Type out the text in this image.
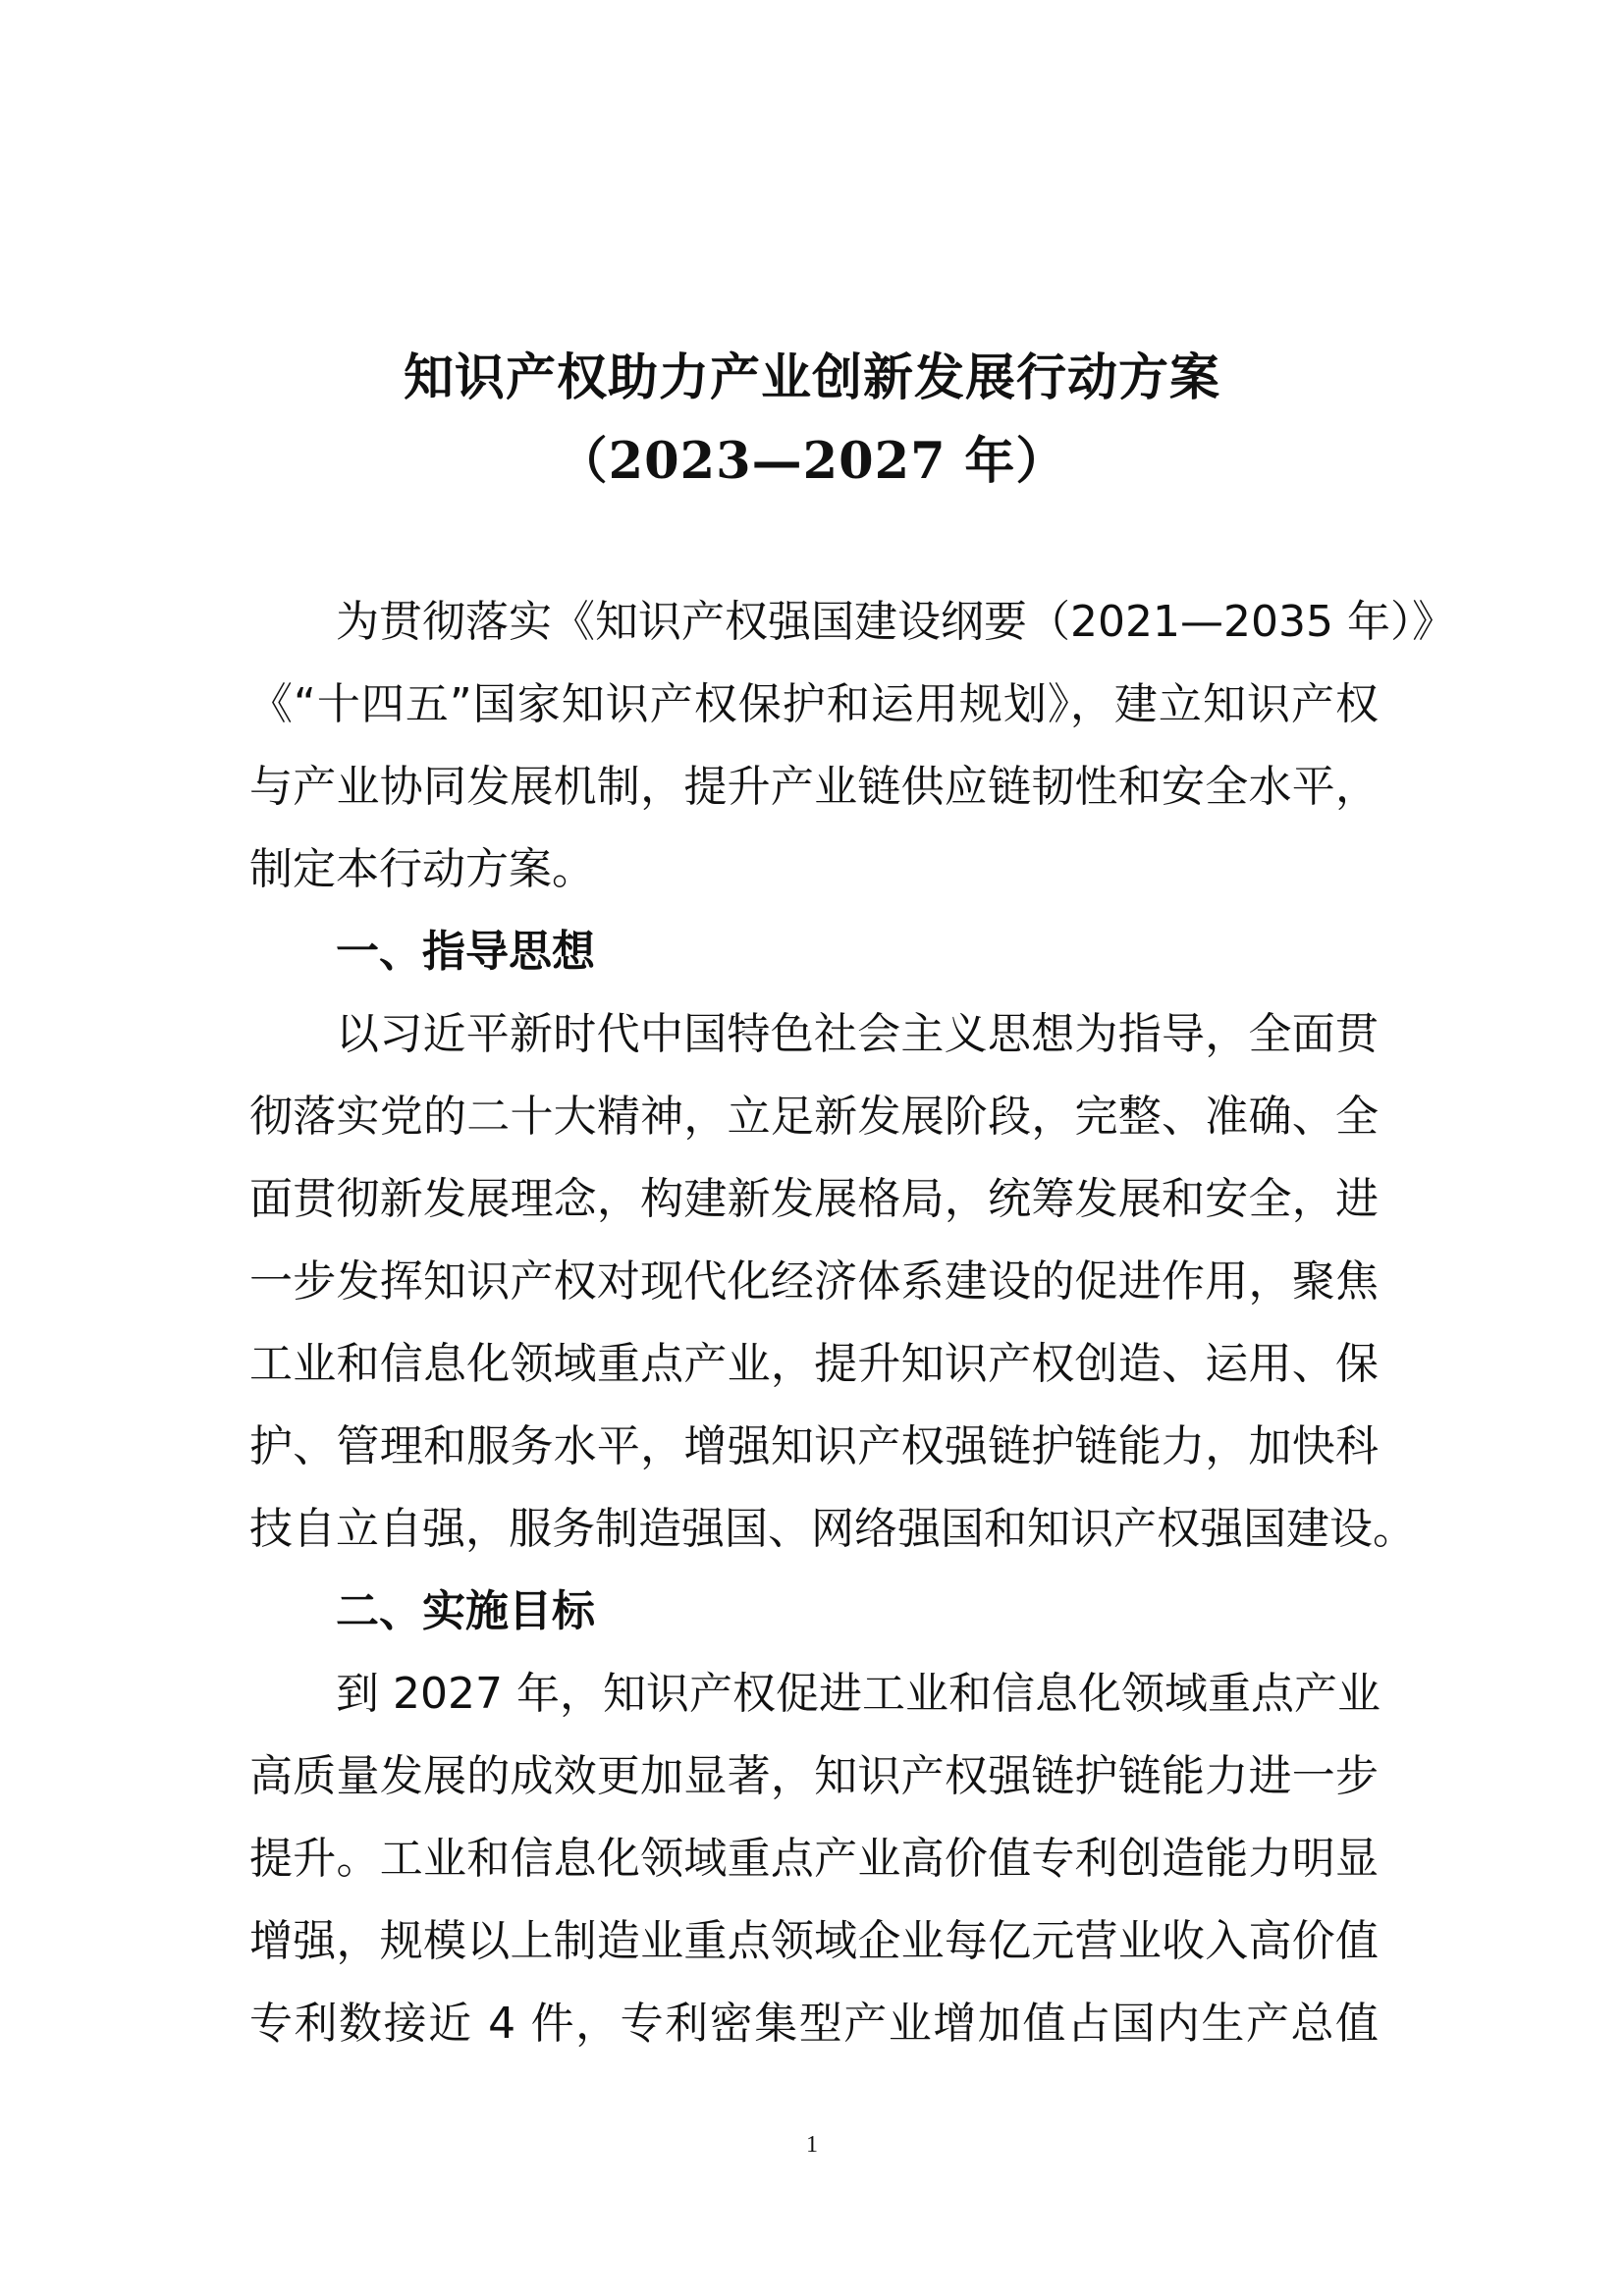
知识产权助力产业创新发展行动方案
（2023—2027 年）
为贯彻落实《知识产权强国建设纲要（2021—2035 年）》
《“十四五”国家知识产权保护和运用规划》，建立知识产权
与产业协同发展机制，提升产业链供应链韧性和安全水平，
制定本行动方案。
一、指导思想
以习近平新时代中国特色社会主义思想为指导，全面贯
彻落实党的二十大精神，立足新发展阶段，完整、准确、全
面贯彻新发展理念，构建新发展格局，统筹发展和安全，进
一步发挥知识产权对现代化经济体系建设的促进作用，聚焦
工业和信息化领域重点产业，提升知识产权创造、运用、保
护、管理和服务水平，增强知识产权强链护链能力，加快科
技自立自强，服务制造强国、网络强国和知识产权强国建设。
二、实施目标
到 2027 年，知识产权促进工业和信息化领域重点产业
高质量发展的成效更加显著，知识产权强链护链能力进一步
提升。工业和信息化领域重点产业高价值专利创造能力明显
增强，规模以上制造业重点领域企业每亿元营业收入高价值
专利数接近 4 件，专利密集型产业增加值占国内生产总值
1
